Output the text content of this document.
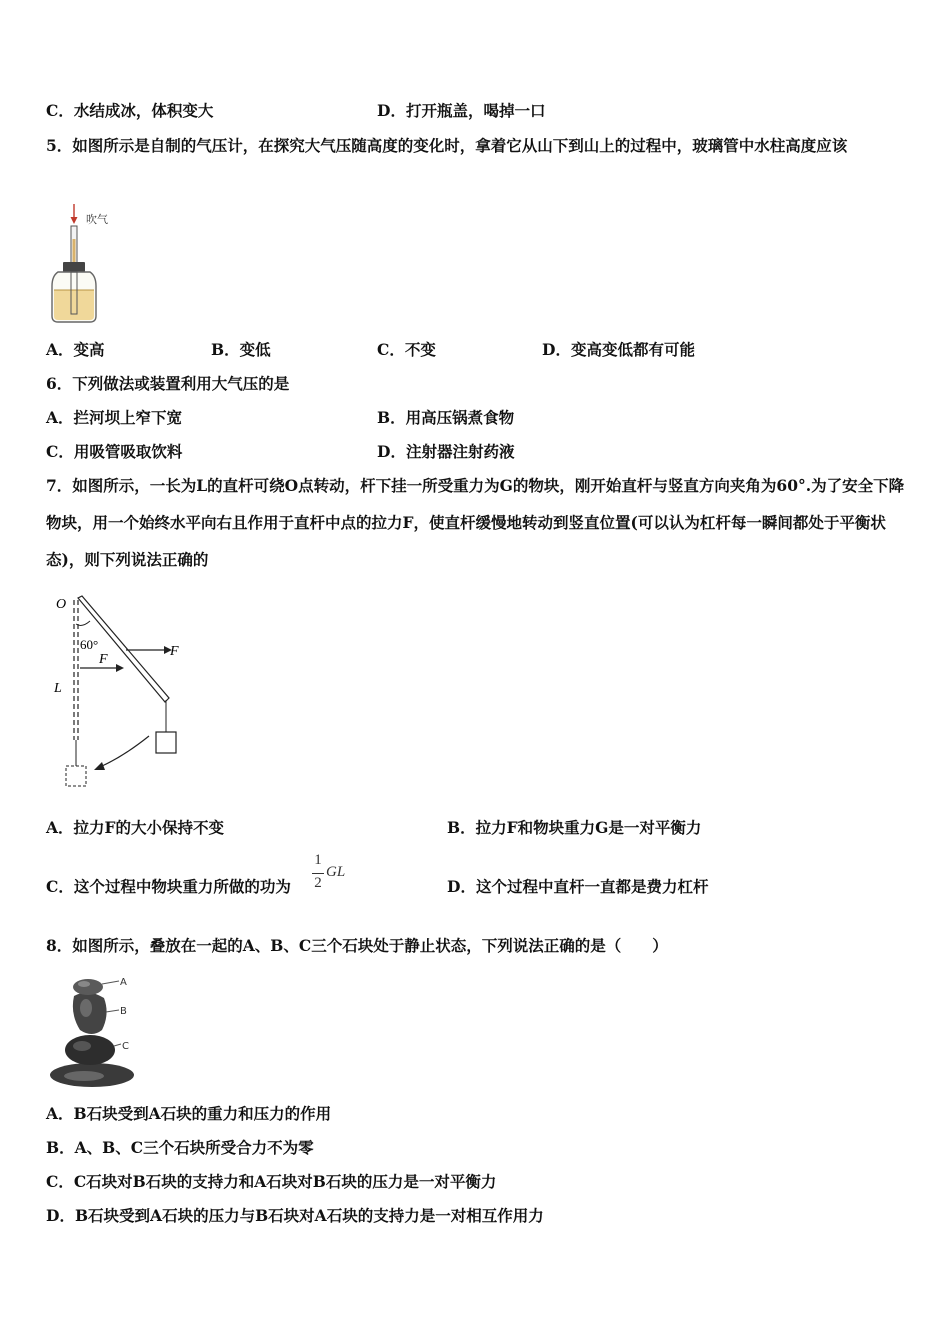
C．水结成冰，体积变大	D．打开瓶盖，喝掉一口
5．如图所示是自制的气压计，在探究大气压随高度的变化时，拿着它从山下到山上的过程中，玻璃管中水柱高度应该
吹气
A．变高	B．变低	C．不变	D．变高变低都有可能
6．下列做法或装置利用大气压的是
A．拦河坝上窄下宽	B．用高压锅煮食物
C．用吸管吸取饮料	D．注射器注射药液
7．如图所示，一长为L的直杆可绕O点转动，杆下挂一所受重力为G的物块，刚开始直杆与竖直方向夹角为60°.为了安全下降物块，用一个始终水平向右且作用于直杆中点的拉力F，使直杆缓慢地转动到竖直位置(可以认为杠杆每一瞬间都处于平衡状态)，则下列说法正确的
O
60°	F
F
L
A．拉力F的大小保持不变	B．拉力F和物块重力G是一对平衡力
C．这个过程中物块重力所做的功为
1
2
GL
D．这个过程中直杆一直都是费力杠杆
8．如图所示，叠放在一起的A、B、C三个石块处于静止状态，下列说法正确的是（　　）
A
B
C
A．B石块受到A石块的重力和压力的作用
B．A、B、C三个石块所受合力不为零
C．C石块对B石块的支持力和A石块对B石块的压力是一对平衡力
D．B石块受到A石块的压力与B石块对A石块的支持力是一对相互作用力
